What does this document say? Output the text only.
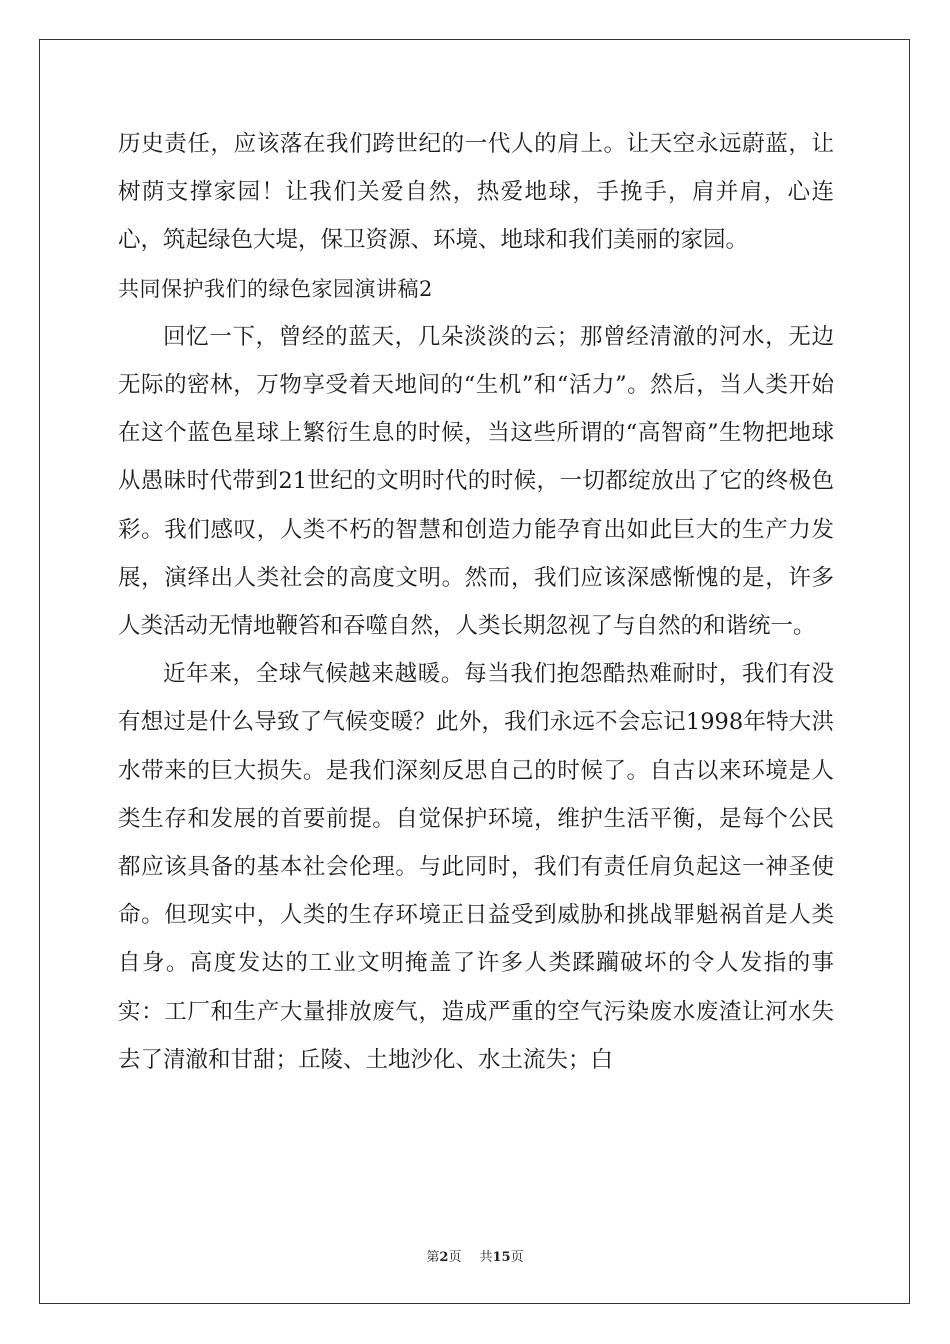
历史责任，应该落在我们跨世纪的一代人的肩上。让天空永远蔚蓝，让树荫支撑家园！让我们关爱自然，热爱地球，手挽手，肩并肩，心连心，筑起绿色大堤，保卫资源、环境、地球和我们美丽的家园。

共同保护我们的绿色家园演讲稿2

回忆一下，曾经的蓝天，几朵淡淡的云；那曾经清澈的河水，无边无际的密林，万物享受着天地间的“生机”和“活力”。然后，当人类开始在这个蓝色星球上繁衍生息的时候，当这些所谓的“高智商”生物把地球从愚昧时代带到21世纪的文明时代的时候，一切都绽放出了它的终极色彩。我们感叹，人类不朽的智慧和创造力能孕育出如此巨大的生产力发展，演绎出人类社会的高度文明。然而，我们应该深感惭愧的是，许多人类活动无情地鞭笞和吞噬自然，人类长期忽视了与自然的和谐统一。

近年来，全球气候越来越暖。每当我们抱怨酷热难耐时，我们有没有想过是什么导致了气候变暖？此外，我们永远不会忘记1998年特大洪水带来的巨大损失。是我们深刻反思自己的时候了。自古以来环境是人类生存和发展的首要前提。自觉保护环境，维护生活平衡，是每个公民都应该具备的基本社会伦理。与此同时，我们有责任肩负起这一神圣使命。但现实中，人类的生存环境正日益受到威胁和挑战罪魁祸首是人类自身。高度发达的工业文明掩盖了许多人类蹂躏破坏的令人发指的事实：工厂和生产大量排放废气，造成严重的空气污染废水废渣让河水失去了清澈和甘甜；丘陵、土地沙化、水土流失；白

第2页 共15页
